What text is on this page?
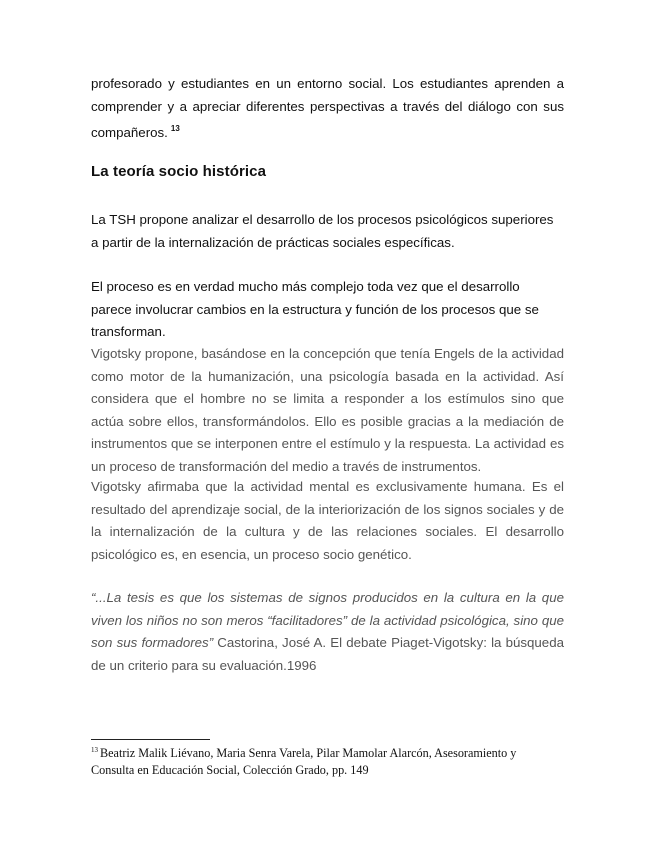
profesorado y estudiantes en un entorno social. Los estudiantes aprenden a comprender y a apreciar diferentes perspectivas a través del diálogo con sus compañeros. $^{13}$

La teoría socio histórica

La TSH propone analizar el desarrollo de los procesos psicológicos superiores a partir de la internalización de prácticas sociales específicas.

El proceso es en verdad mucho más complejo toda vez que el desarrollo parece involucrar cambios en la estructura y función de los procesos que se transforman.

Vigotsky propone, basándose en la concepción que tenía Engels de la actividad como motor de la humanización, una psicología basada en la actividad. Así considera que el hombre no se limita a responder a los estímulos sino que actúa sobre ellos, transformándolos. Ello es posible gracias a la mediación de instrumentos que se interponen entre el estímulo y la respuesta. La actividad es un proceso de transformación del medio a través de instrumentos.

Vigotsky afirmaba que la actividad mental es exclusivamente humana. Es el resultado del aprendizaje social, de la interiorización de los signos sociales y de la internalización de la cultura y de las relaciones sociales. El desarrollo psicológico es, en esencia, un proceso socio genético.

“...La tesis es que los sistemas de signos producidos en la cultura en la que viven los niños no son meros “facilitadores” de la actividad psicológica, sino que son sus formadores” Castorina, José A. El debate Piaget-Vigotsky: la búsqueda de un criterio para su evaluación.1996

$^{13}$ Beatriz Malik Liévano, Maria Senra Varela, Pilar Mamolar Alarcón, Asesoramiento y Consulta en Educación Social, Colección Grado, pp. 149
